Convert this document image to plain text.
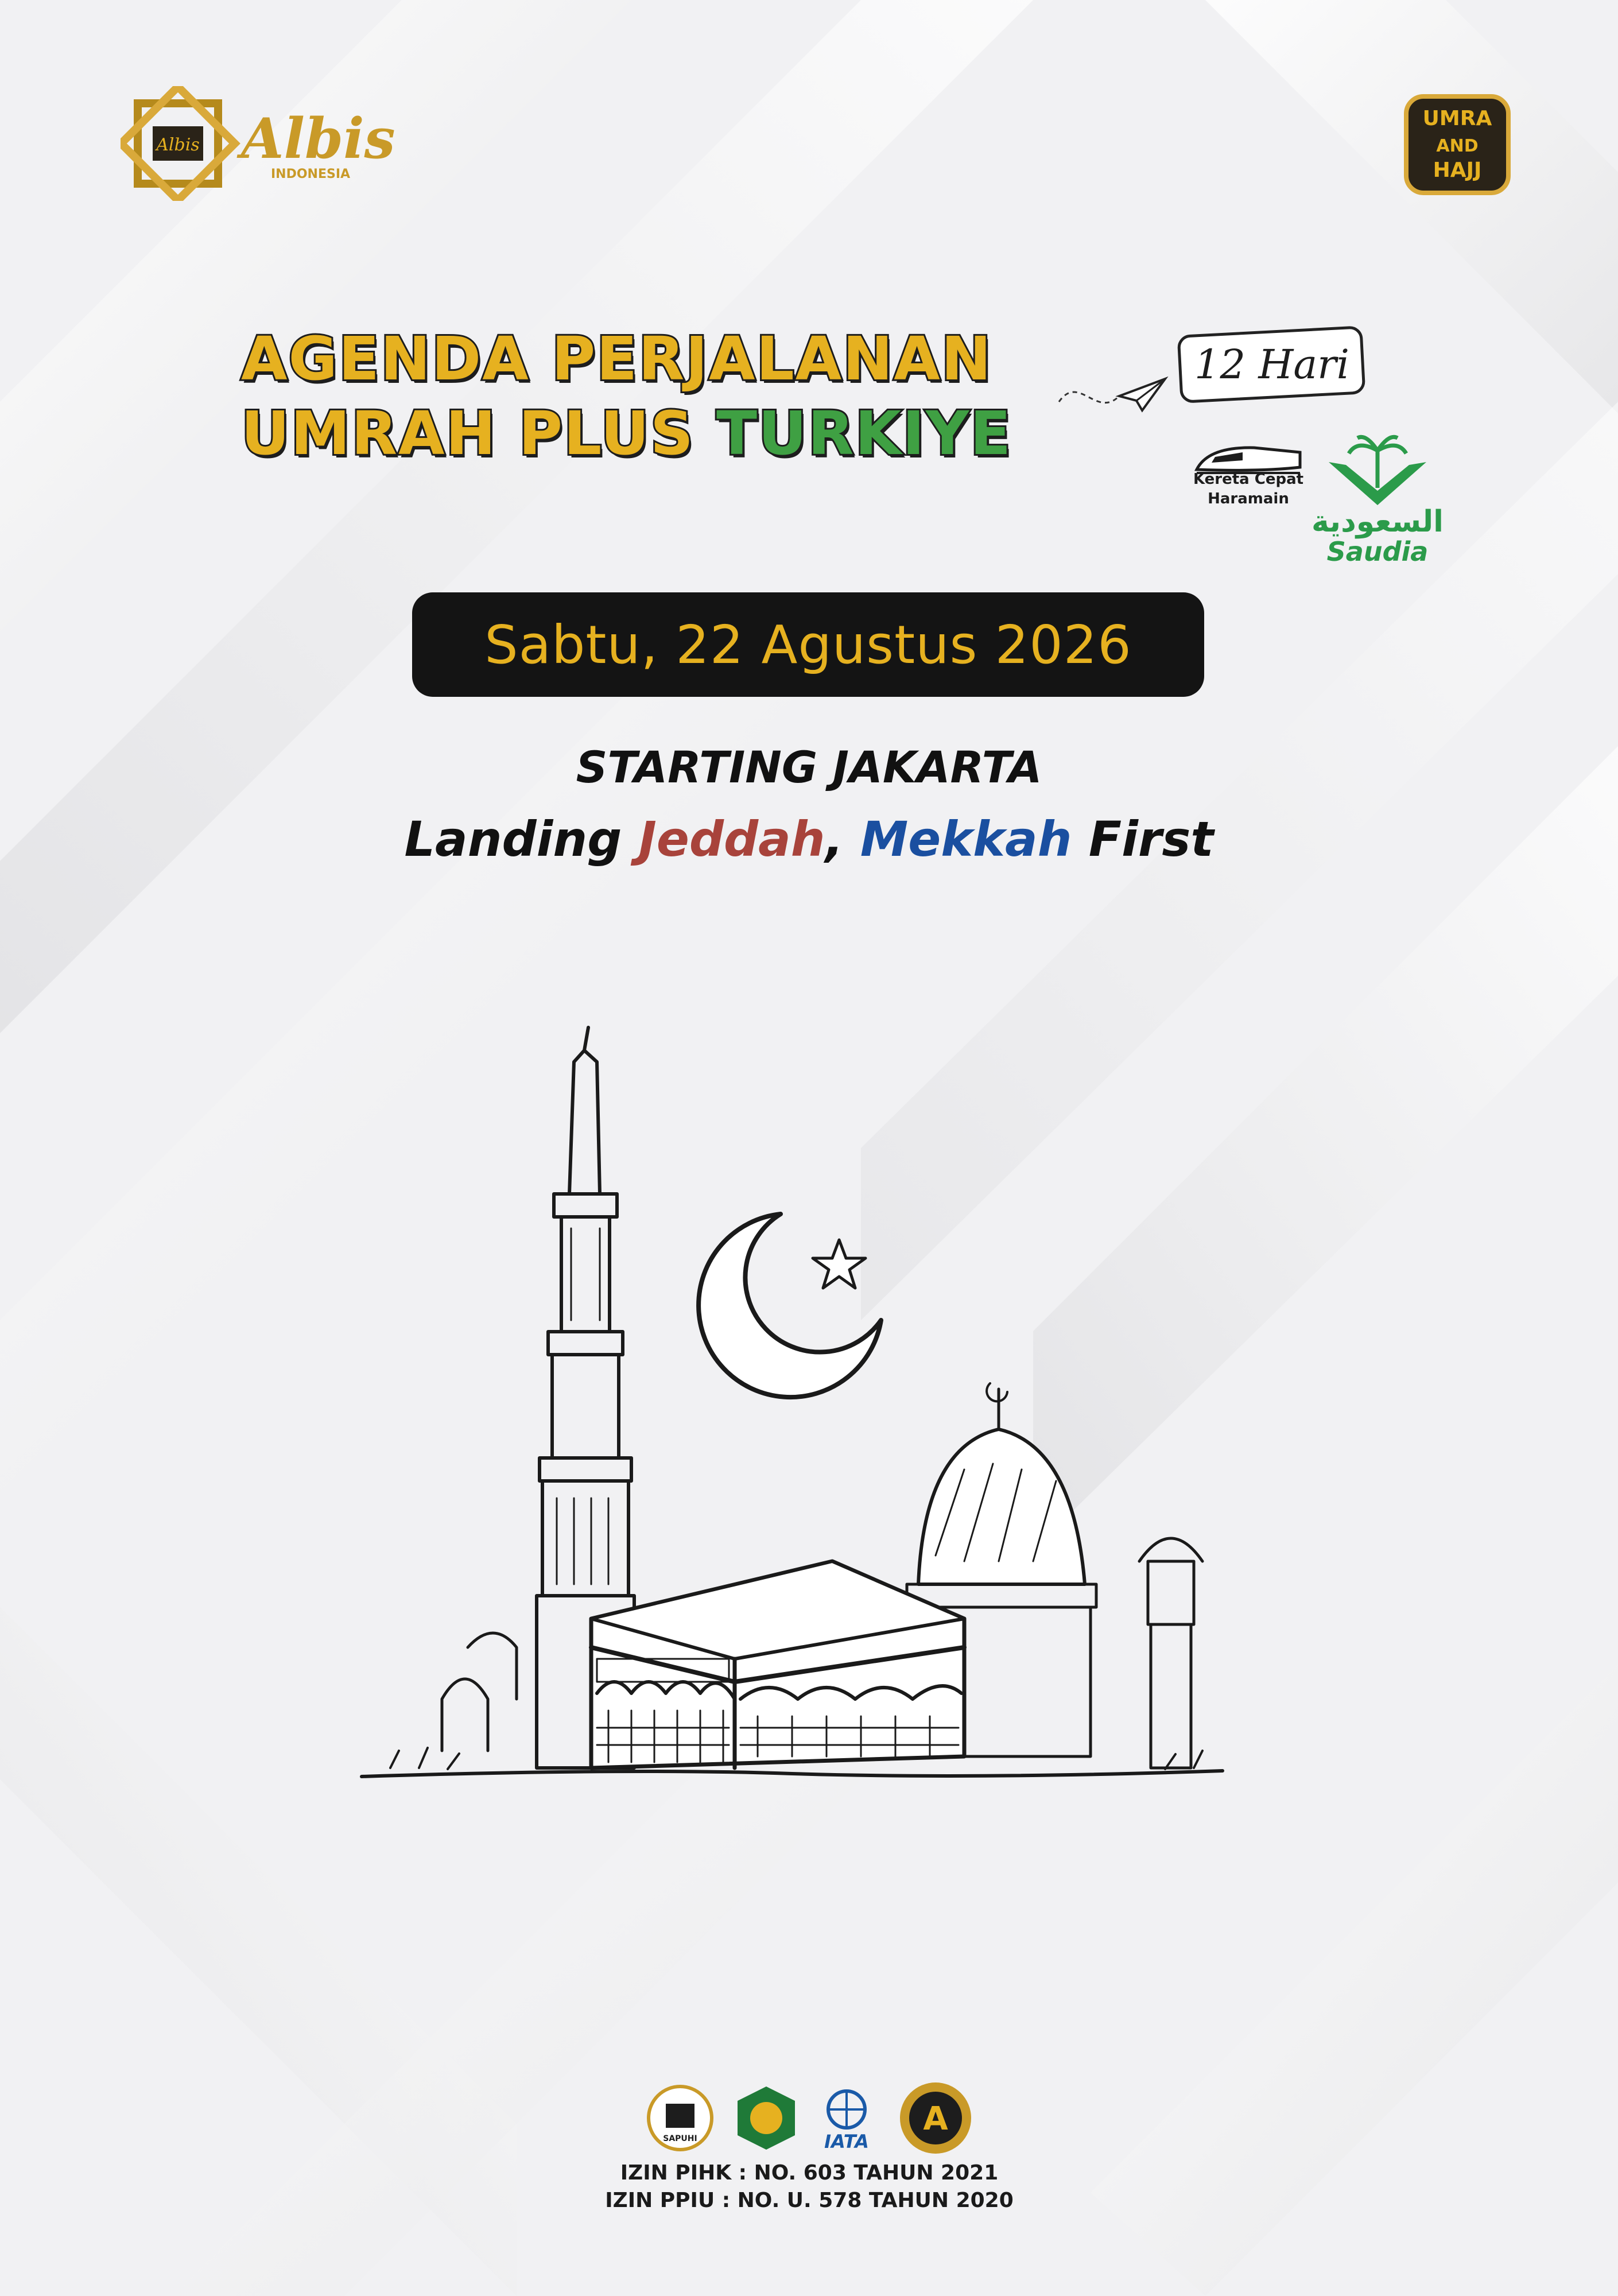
Albis Albis
INDONESIA
UMRA
AND
HAJJ
AGENDA PERJALANAN
UMRAH PLUS TURKIYE
12 Hari
Kereta Cepat
Haramain
السعودية
Saudia
Sabtu, 22 Agustus 2026
STARTING JAKARTA
Landing Jeddah, Mekkah First
SAPUHI	IATA
A
IZIN PIHK : NO. 603 TAHUN 2021
IZIN PPIU : NO. U. 578 TAHUN 2020
